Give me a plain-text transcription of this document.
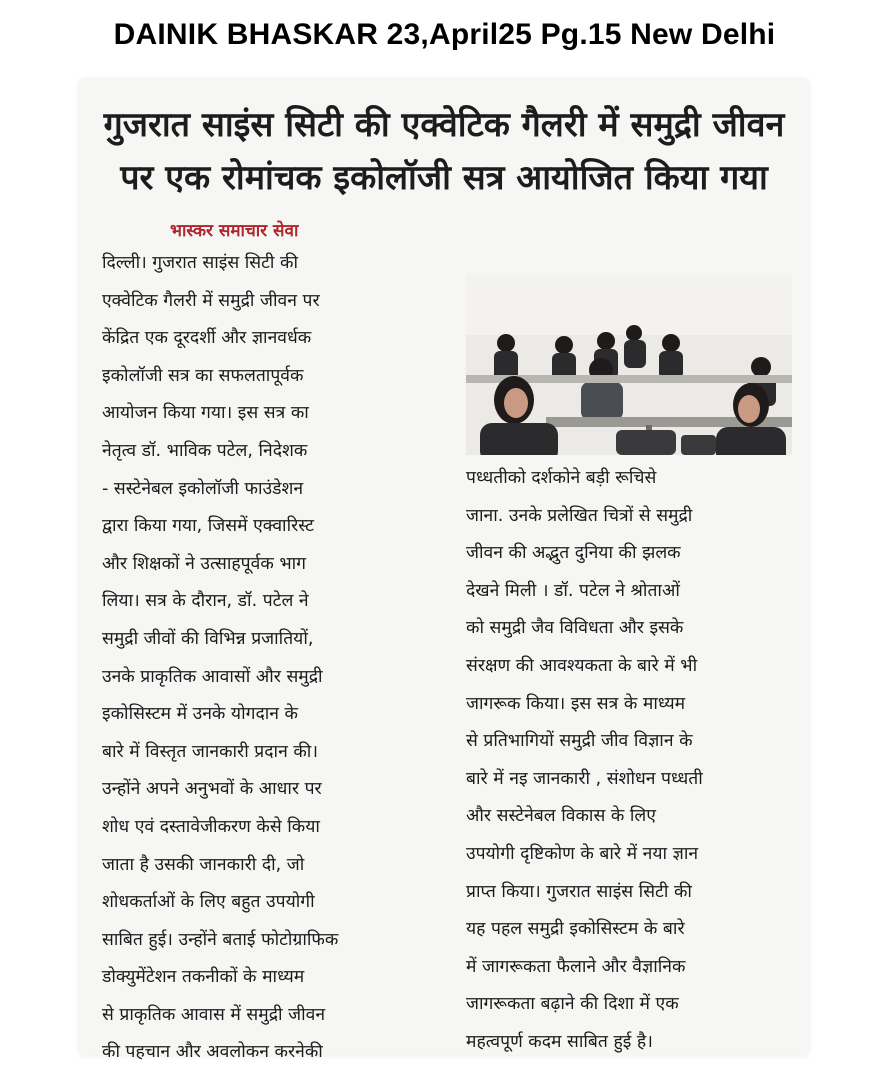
DAINIK BHASKAR 23,April25 Pg.15 New Delhi
गुजरात साइंस सिटी की एक्वेटिक गैलरी में समुद्री जीवन
पर एक रोमांचक इकोलॉजी सत्र आयोजित किया गया
भास्कर समाचार सेवा
दिल्ली। गुजरात साइंस सिटी की
एक्वेटिक गैलरी में समुद्री जीवन पर
केंद्रित एक दूरदर्शी और ज्ञानवर्धक
इकोलॉजी सत्र का सफलतापूर्वक
आयोजन किया गया। इस सत्र का
नेतृत्व डॉ. भाविक पटेल, निदेशक
- सस्टेनेबल इकोलॉजी फाउंडेशन
द्वारा किया गया, जिसमें एक्वारिस्ट
और शिक्षकों ने उत्साहपूर्वक भाग
लिया। सत्र के दौरान, डॉ. पटेल ने
समुद्री जीवों की विभिन्न प्रजातियों,
उनके प्राकृतिक आवासों और समुद्री
इकोसिस्टम में उनके योगदान के
बारे में विस्तृत जानकारी प्रदान की।
उन्होंने अपने अनुभवों के आधार पर
शोध एवं दस्तावेजीकरण केसे किया
जाता है उसकी जानकारी दी, जो
शोधकर्ताओं के लिए बहुत उपयोगी
साबित हुई। उन्होंने बताई फोटोग्राफिक
डोक्युमेंटेशन तकनीकों के माध्यम
से प्राकृतिक आवास में समुद्री जीवन
की पहचान और अवलोकन करनेकी
पध्धतीको दर्शकोने बड़ी रूचिसे
जाना. उनके प्रलेखित चित्रों से समुद्री
जीवन की अद्भुत दुनिया की झलक
देखने मिली । डॉ. पटेल ने श्रोताओं
को समुद्री जैव विविधता और इसके
संरक्षण की आवश्यकता के बारे में भी
जागरूक किया। इस सत्र के माध्यम
से प्रतिभागियों समुद्री जीव विज्ञान के
बारे में नइ जानकारी , संशोधन पध्धती
और सस्टेनेबल विकास के लिए
उपयोगी दृष्टिकोण के बारे में नया ज्ञान
प्राप्त किया। गुजरात साइंस सिटी की
यह पहल समुद्री इकोसिस्टम के बारे
में जागरूकता फैलाने और वैज्ञानिक
जागरूकता बढ़ाने की दिशा में एक
महत्वपूर्ण कदम साबित हुई है।
